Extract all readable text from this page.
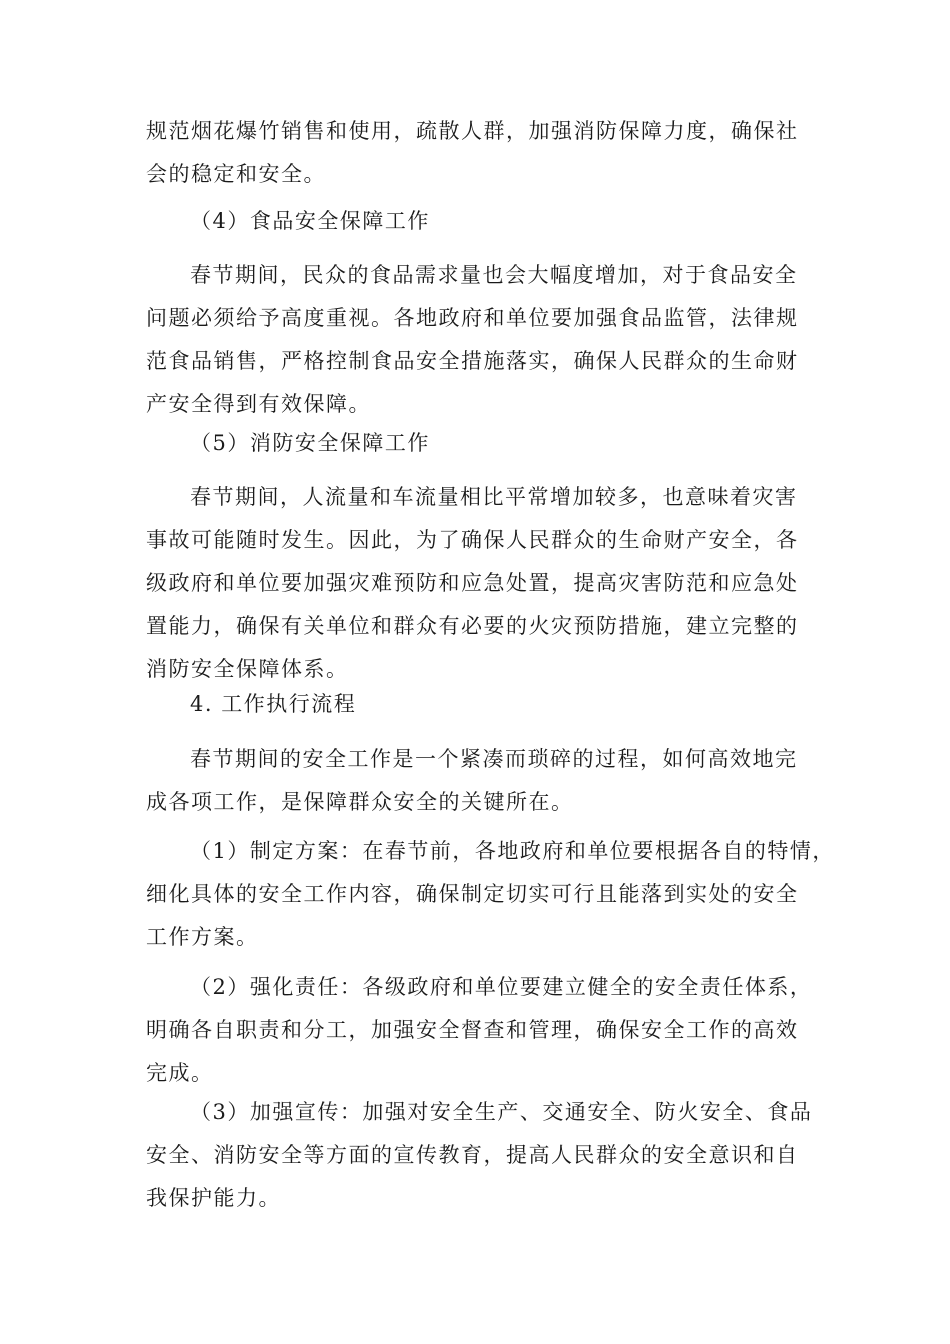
规范烟花爆竹销售和使用，疏散人群，加强消防保障力度，确保社
会的稳定和安全。
（4）食品安全保障工作
春节期间，民众的食品需求量也会大幅度增加，对于食品安全
问题必须给予高度重视。各地政府和单位要加强食品监管，法律规
范食品销售，严格控制食品安全措施落实，确保人民群众的生命财
产安全得到有效保障。
（5）消防安全保障工作
春节期间，人流量和车流量相比平常增加较多，也意味着灾害
事故可能随时发生。因此，为了确保人民群众的生命财产安全，各
级政府和单位要加强灾难预防和应急处置，提高灾害防范和应急处
置能力，确保有关单位和群众有必要的火灾预防措施，建立完整的
消防安全保障体系。
4. 工作执行流程
春节期间的安全工作是一个紧凑而琐碎的过程，如何高效地完
成各项工作，是保障群众安全的关键所在。
（1）制定方案：在春节前，各地政府和单位要根据各自的特情，
细化具体的安全工作内容，确保制定切实可行且能落到实处的安全
工作方案。
（2）强化责任：各级政府和单位要建立健全的安全责任体系，
明确各自职责和分工，加强安全督查和管理，确保安全工作的高效
完成。
（3）加强宣传：加强对安全生产、交通安全、防火安全、食品
安全、消防安全等方面的宣传教育，提高人民群众的安全意识和自
我保护能力。
